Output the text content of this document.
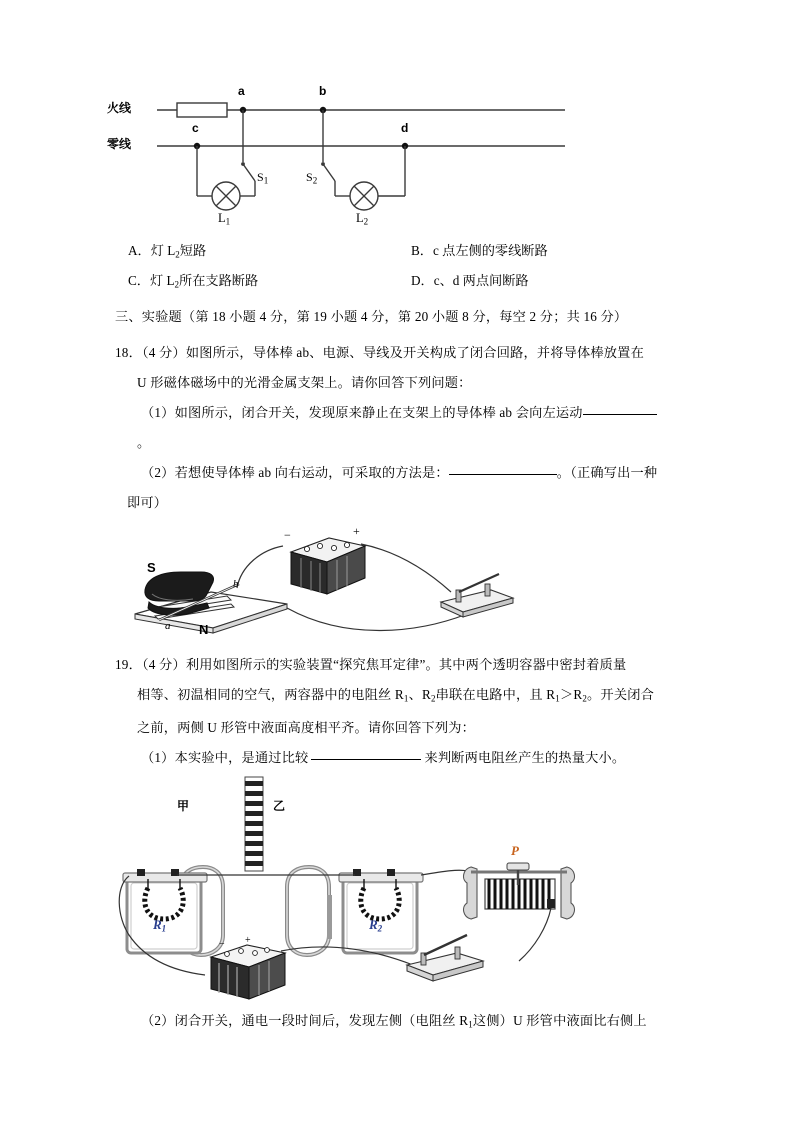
火线
零线
a	b
c	d
$S_1$	$S_2$
$L_1$	$L_2$
A．灯 $L_2$短路	B．c 点左侧的零线断路
C．灯 $L_2$所在支路断路	D．c、d 两点间断路
三、实验题（第 18 小题 4 分，第 19 小题 4 分，第 20 小题 8 分，每空 2 分；共 16 分）
18．（4 分）如图所示，导体棒 ab、电源、导线及开关构成了闭合回路，并将导体棒放置在
U 形磁体磁场中的光滑金属支架上。请你回答下列问题：
（1）如图所示，闭合开关，发现原来静止在支架上的导体棒 ab 会向左运动
。
（2）若想使导体棒 ab 向右运动，可采取的方法是：	。（正确写出一种
即可）
S
N
a
b
−	+
19．（4 分）利用如图所示的实验装置“探究焦耳定律”。其中两个透明容器中密封着质量
相等、初温相同的空气，两容器中的电阻丝 $R_1$、$R_2$串联在电路中，且 $R_1>R_2$。开关闭合
之前，两侧 U 形管中液面高度相平齐。请你回答下列为：
（1）本实验中，是通过比较	来判断两电阻丝产生的热量大小。
甲	乙
$R_1$	$R_2$
P
− +
（2）闭合开关，通电一段时间后，发现左侧（电阻丝 $R_1$这侧）U 形管中液面比右侧上
